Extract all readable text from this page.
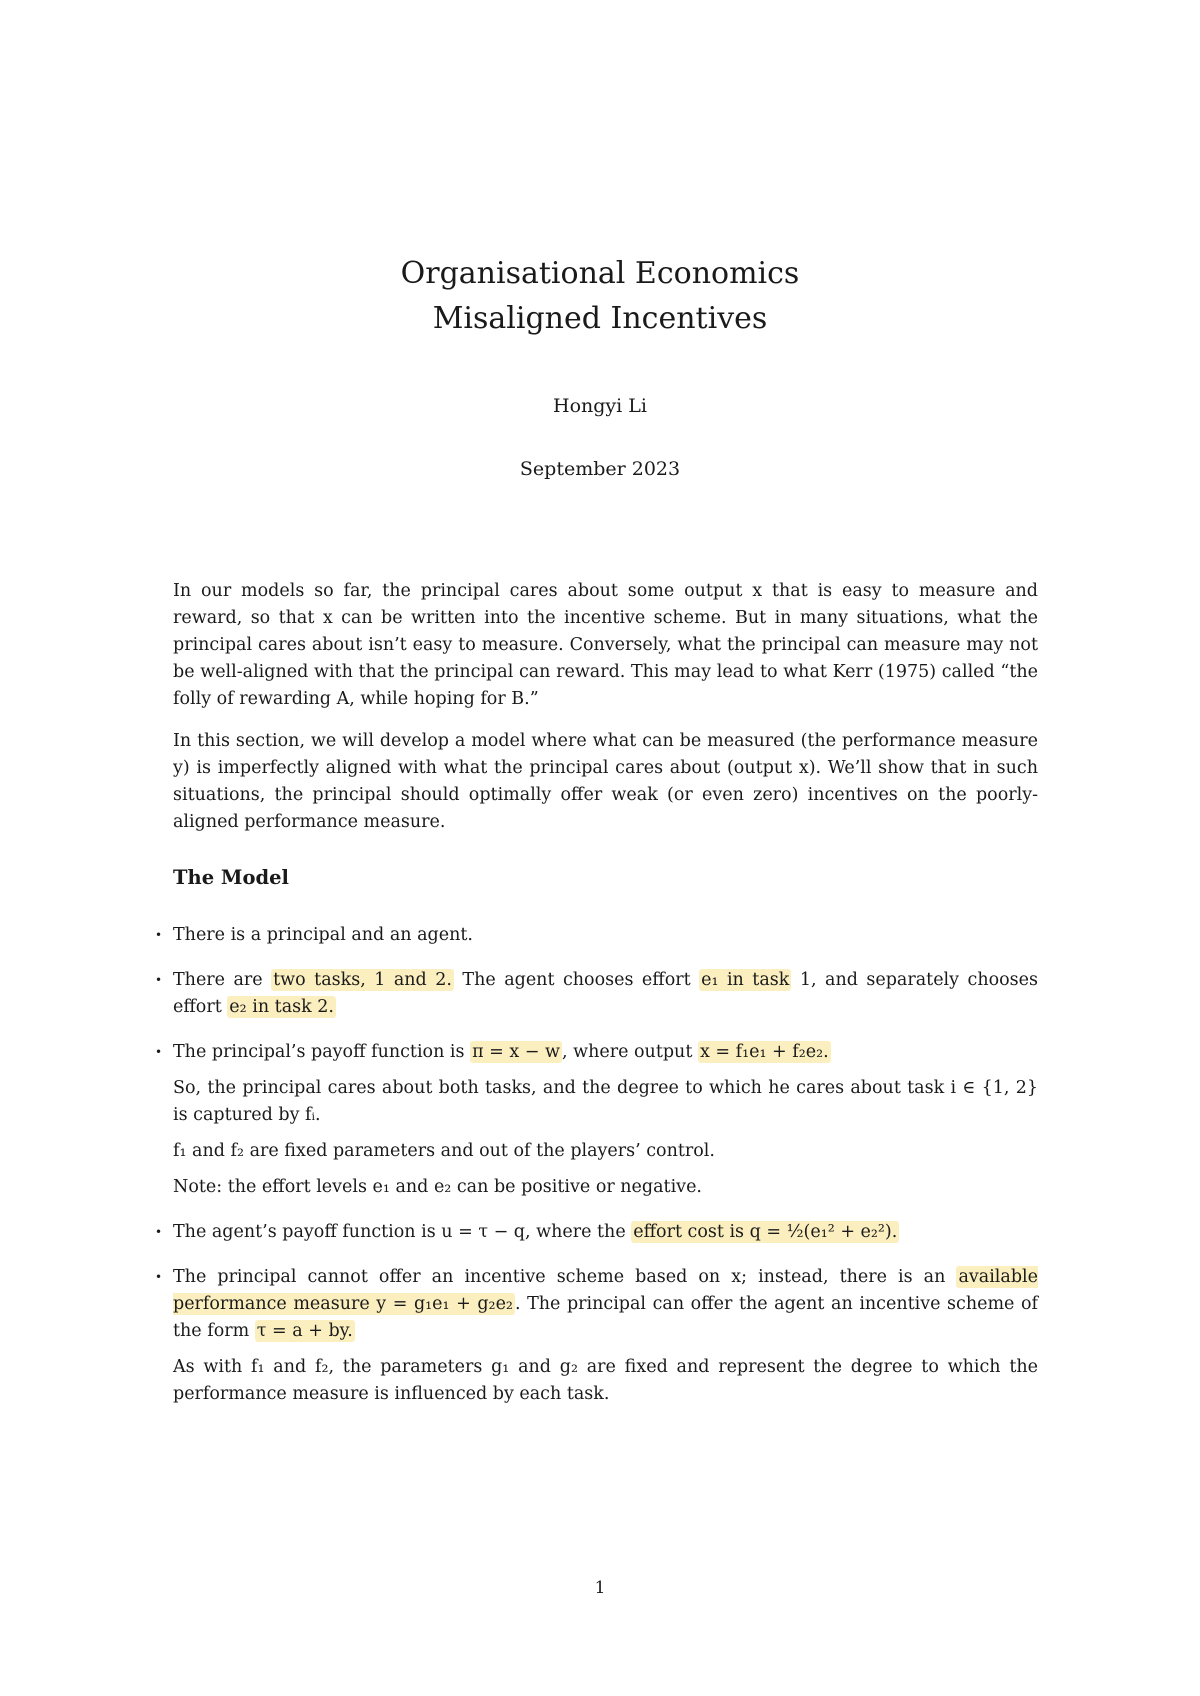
Organisational Economics
Misaligned Incentives
Hongyi Li
September 2023

In our models so far, the principal cares about some output x that is easy to measure and reward, so that x can be written into the incentive scheme. But in many situations, what the principal cares about isn’t easy to measure. Conversely, what the principal can measure may not be well-aligned with that the principal can reward. This may lead to what Kerr (1975) called “the folly of rewarding A, while hoping for B.”

In this section, we will develop a model where what can be measured (the performance measure y) is imperfectly aligned with what the principal cares about (output x). We’ll show that in such situations, the principal should optimally offer weak (or even zero) incentives on the poorly-aligned performance measure.

The Model
• There is a principal and an agent.
• There are two tasks, 1 and 2. The agent chooses effort e₁ in task 1, and separately chooses effort e₂ in task 2.
• The principal’s payoff function is π = x − w , where output x = f₁e₁ + f₂e₂.
So, the principal cares about both tasks, and the degree to which he cares about task i ∈ {1, 2} is captured by fᵢ.
f₁ and f₂ are fixed parameters and out of the players’ control.
Note: the effort levels e₁ and e₂ can be positive or negative.
• The agent’s payoff function is u = τ − q, where the effort cost is q = ½(e₁² + e₂²).
• The principal cannot offer an incentive scheme based on x; instead, there is an available performance measure y = g₁e₁ + g₂e₂ . The principal can offer the agent an incentive scheme of the form τ = a + by.
As with f₁ and f₂, the parameters g₁ and g₂ are fixed and represent the degree to which the performance measure is influenced by each task.
1
